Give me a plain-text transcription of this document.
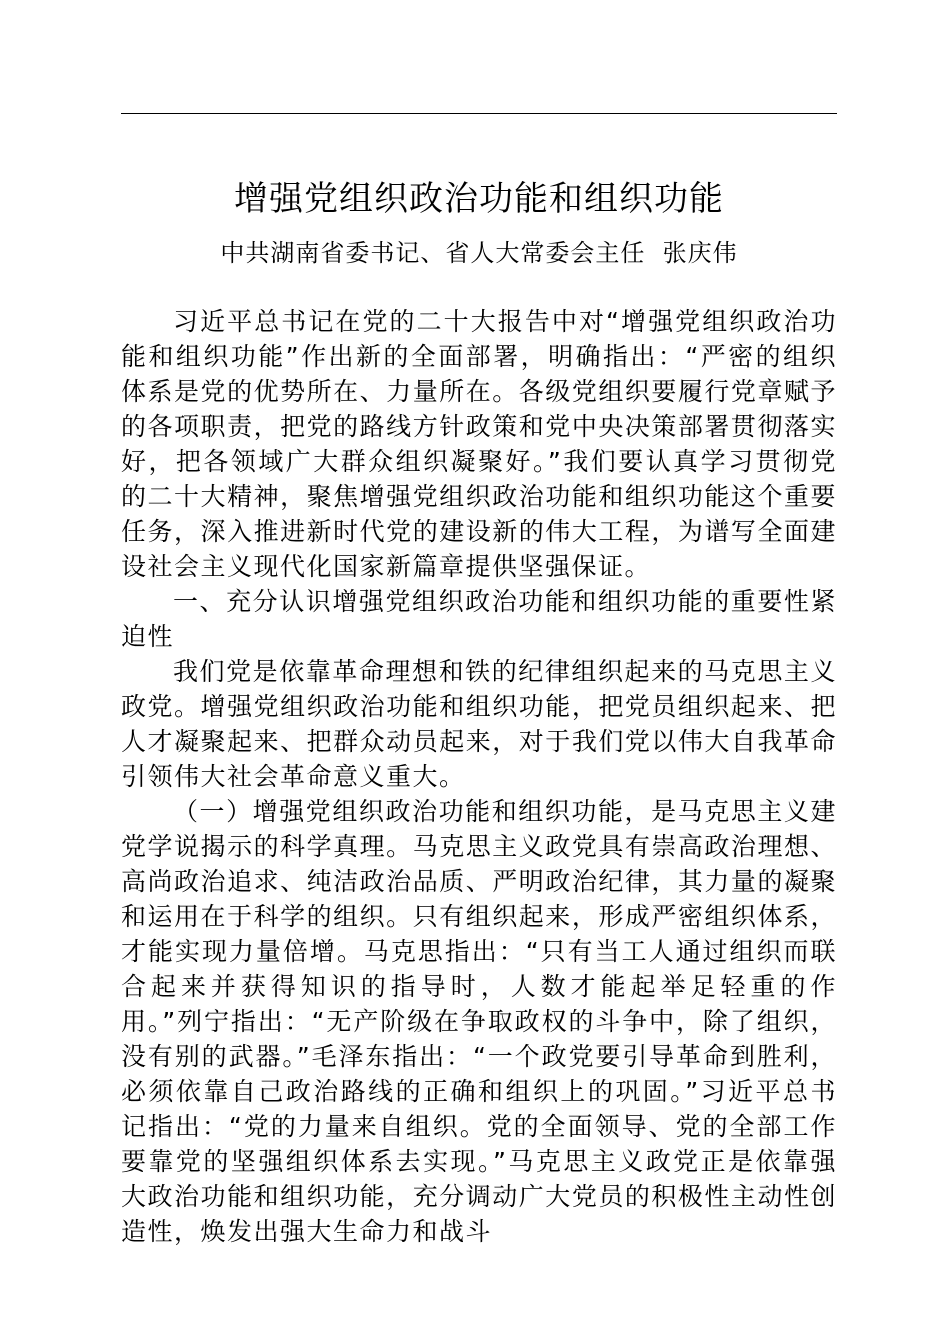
增强党组织政治功能和组织功能
中共湖南省委书记、省人大常委会主任  张庆伟

习近平总书记在党的二十大报告中对“增强党组织政治功能和组织功能”作出新的全面部署，明确指出：“严密的组织体系是党的优势所在、力量所在。各级党组织要履行党章赋予的各项职责，把党的路线方针政策和党中央决策部署贯彻落实好，把各领域广大群众组织凝聚好。”我们要认真学习贯彻党的二十大精神，聚焦增强党组织政治功能和组织功能这个重要任务，深入推进新时代党的建设新的伟大工程，为谱写全面建设社会主义现代化国家新篇章提供坚强保证。

一、充分认识增强党组织政治功能和组织功能的重要性紧迫性

我们党是依靠革命理想和铁的纪律组织起来的马克思主义政党。增强党组织政治功能和组织功能，把党员组织起来、把人才凝聚起来、把群众动员起来，对于我们党以伟大自我革命引领伟大社会革命意义重大。

（一）增强党组织政治功能和组织功能，是马克思主义建党学说揭示的科学真理。马克思主义政党具有崇高政治理想、高尚政治追求、纯洁政治品质、严明政治纪律，其力量的凝聚和运用在于科学的组织。只有组织起来，形成严密组织体系，才能实现力量倍增。马克思指出：“只有当工人通过组织而联合起来并获得知识的指导时，人数才能起举足轻重的作用。”列宁指出：“无产阶级在争取政权的斗争中，除了组织，没有别的武器。”毛泽东指出：“一个政党要引导革命到胜利，必须依靠自己政治路线的正确和组织上的巩固。”习近平总书记指出：“党的力量来自组织。党的全面领导、党的全部工作要靠党的坚强组织体系去实现。”马克思主义政党正是依靠强大政治功能和组织功能，充分调动广大党员的积极性主动性创造性，焕发出强大生命力和战斗
